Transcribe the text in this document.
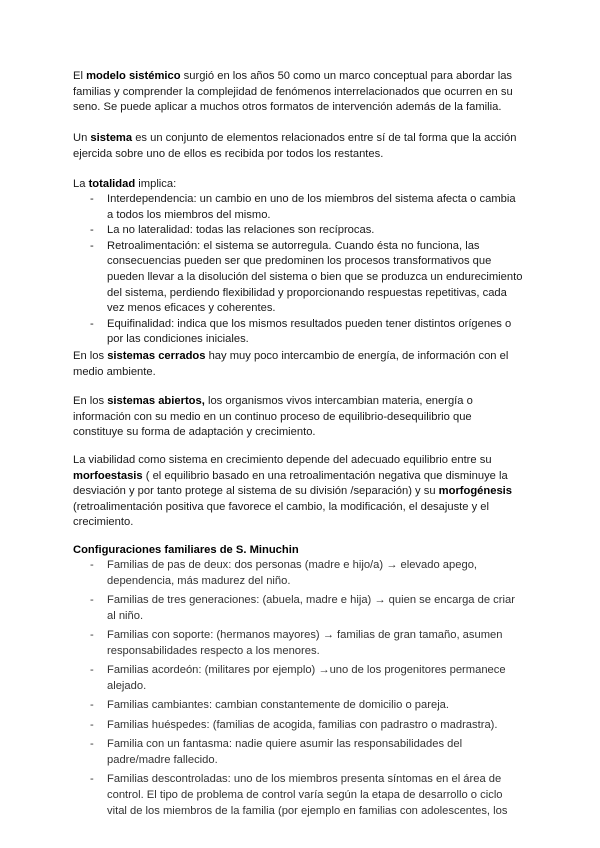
El modelo sistémico surgió en los años 50 como un marco conceptual para abordar las familias y comprender la complejidad de fenómenos interrelacionados que ocurren en su seno. Se puede aplicar a muchos otros formatos de intervención además de la familia.

Un sistema es un conjunto de elementos relacionados entre sí de tal forma que la acción ejercida sobre uno de ellos es recibida por todos los restantes.

La totalidad implica:

- Interdependencia: un cambio en uno de los miembros del sistema afecta o cambia a todos los miembros del mismo.
- La no lateralidad: todas las relaciones son recíprocas.
- Retroalimentación: el sistema se autorregula. Cuando ésta no funciona, las consecuencias pueden ser que predominen los procesos transformativos que pueden llevar a la disolución del sistema o bien que se produzca un endurecimiento del sistema, perdiendo flexibilidad y proporcionando respuestas repetitivas, cada vez menos eficaces y coherentes.
- Equifinalidad: indica que los mismos resultados pueden tener distintos orígenes o por las condiciones iniciales.

En los sistemas cerrados hay muy poco intercambio de energía, de información con el medio ambiente.

En los sistemas abiertos, los organismos vivos intercambian materia, energía o información con su medio en un continuo proceso de equilibrio-desequilibrio que constituye su forma de adaptación y crecimiento.

La viabilidad como sistema en crecimiento depende del adecuado equilibrio entre su morfoestasis ( el equilibrio basado en una retroalimentación negativa que disminuye la desviación y por tanto protege al sistema de su división /separación) y su morfogénesis (retroalimentación positiva que favorece el cambio, la modificación, el desajuste y el crecimiento.

Configuraciones familiares de S. Minuchin

- Familias de pas de deux: dos personas (madre e hijo/a) → elevado apego, dependencia, más madurez del niño.
- Familias de tres generaciones: (abuela, madre e hija) → quien se encarga de criar al niño.
- Familias con soporte: (hermanos mayores) → familias de gran tamaño, asumen responsabilidades respecto a los menores.
- Familias acordeón: (militares por ejemplo) →uno de los progenitores permanece alejado.
- Familias cambiantes: cambian constantemente de domicilio o pareja.
- Familias huéspedes: (familias de acogida, familias con padrastro o madrastra).
- Familia con un fantasma: nadie quiere asumir las responsabilidades del padre/madre fallecido.
- Familias descontroladas: uno de los miembros presenta síntomas en el área de control. El tipo de problema de control varía según la etapa de desarrollo o ciclo vital de los miembros de la familia (por ejemplo en familias con adolescentes, los
